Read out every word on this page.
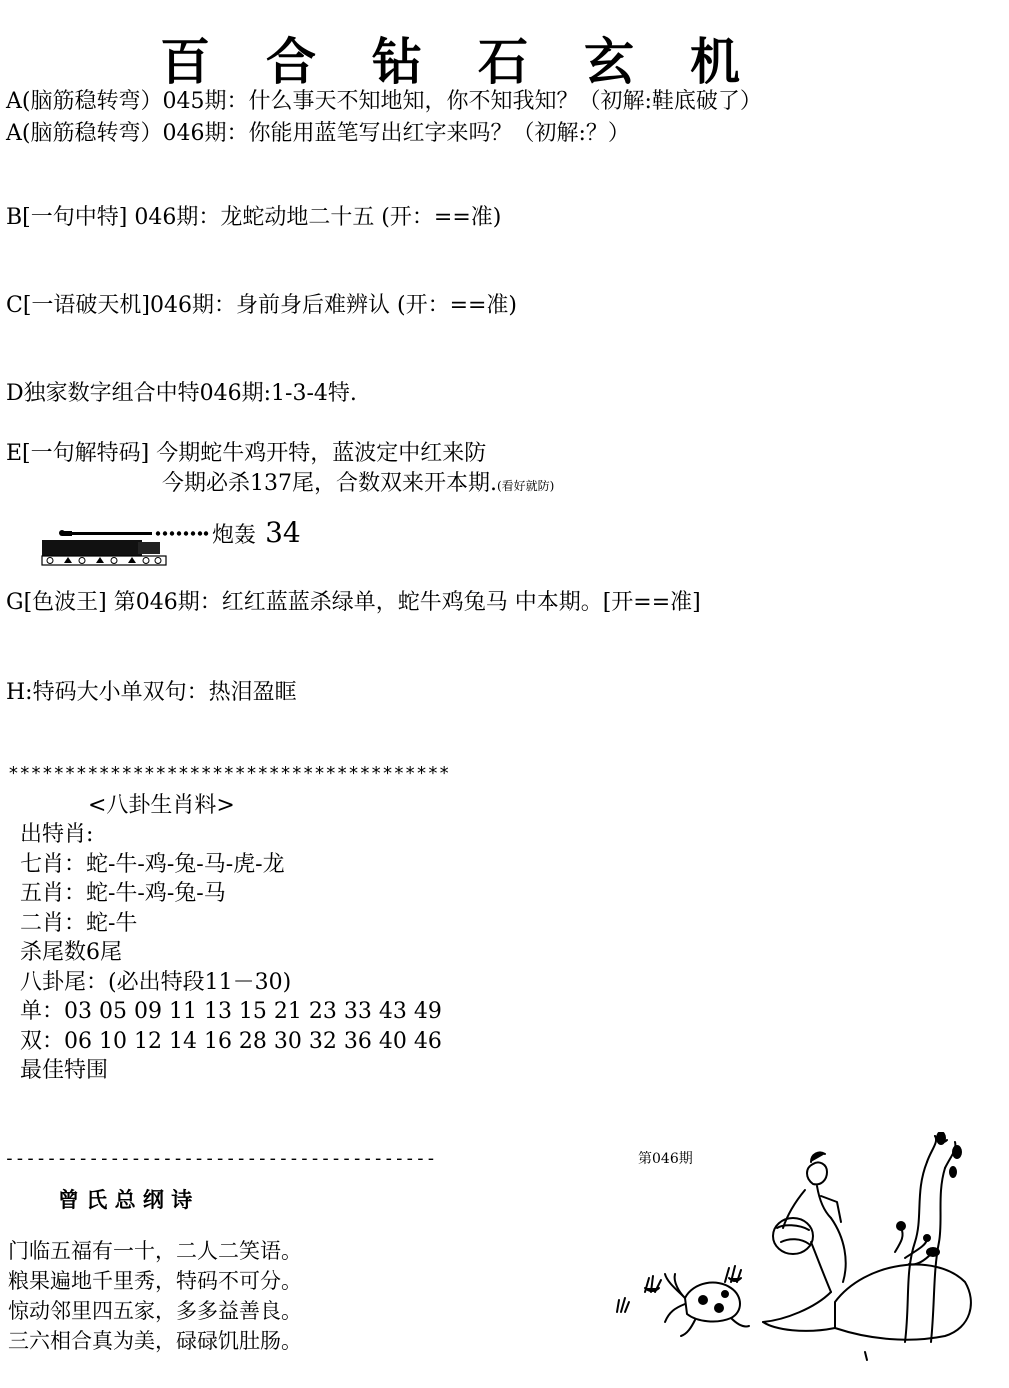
百合钻石玄机
A(脑筋稳转弯）045期：什么事天不知地知，你不知我知？（初解:鞋底破了）
A(脑筋稳转弯）046期：你能用蓝笔写出红字来吗？（初解:？）
B[一句中特] 046期：龙蛇动地二十五 (开：==准)
C[一语破天机]046期：身前身后难辨认 (开：==准)
D独家数字组合中特046期:1-3-4特.
E[一句解特码] 今期蛇牛鸡开特，蓝波定中红来防
今期必杀137尾，合数双来开本期.(看好就防)
炮轰 34
G[色波王] 第046期：红红蓝蓝杀绿单，蛇牛鸡兔马 中本期。[开==准]
H:特码大小单双句：热泪盈眶
***************************************
<八卦生肖料>
出特肖:
七肖：蛇-牛-鸡-兔-马-虎-龙
五肖：蛇-牛-鸡-兔-马
二肖：蛇-牛
杀尾数6尾
八卦尾：(必出特段11－30)
单：03 05 09 11 13 15 21 23 33 43 49
双：06 10 12 14 16 28 30 32 36 40 46
最佳特围
-----------------------------------------	第046期
曾 氏 总 纲 诗
门临五福有一十，二人二笑语。
粮果遍地千里秀，特码不可分。
惊动邻里四五家，多多益善良。
三六相合真为美，碌碌饥肚肠。
